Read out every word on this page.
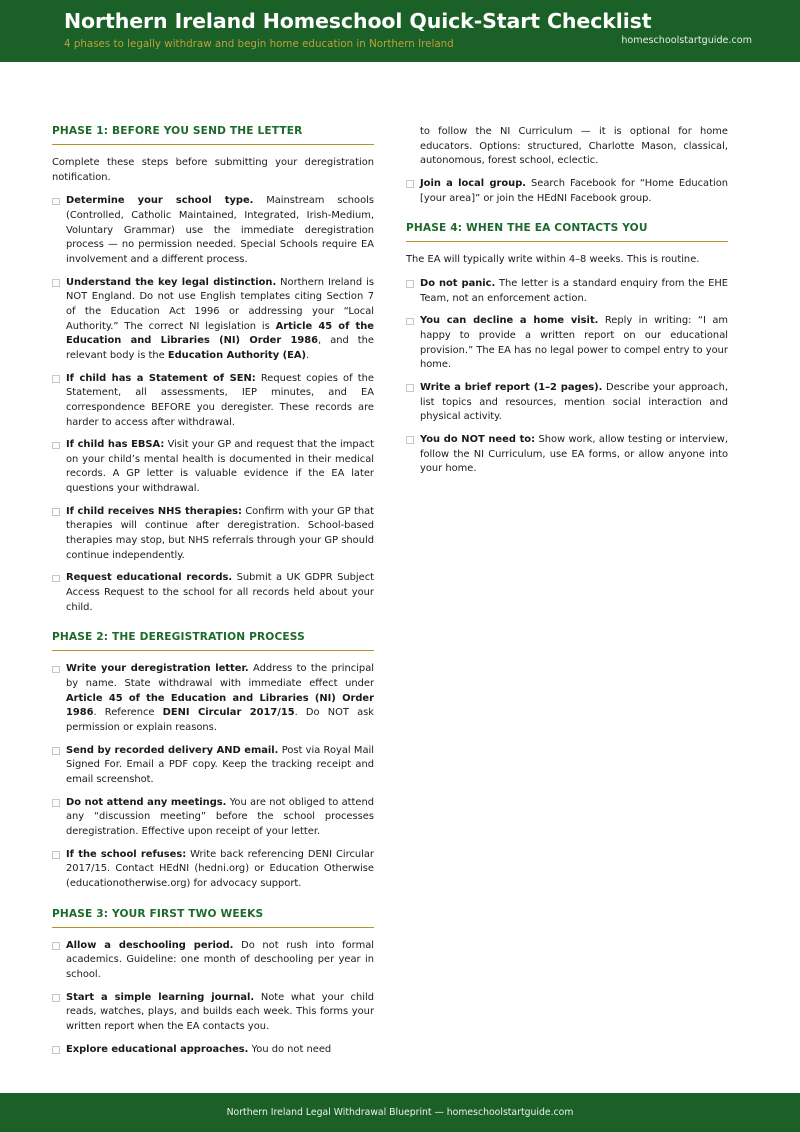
Northern Ireland Homeschool Quick-Start Checklist
4 phases to legally withdraw and begin home education in Northern Ireland	homeschoolstartguide.com
PHASE 1: BEFORE YOU SEND THE LETTER

Complete these steps before submitting your deregistration notification.

Determine your school type. Mainstream schools (Controlled, Catholic Maintained, Integrated, Irish-Medium, Voluntary Grammar) use the immediate deregistration process — no permission needed. Special Schools require EA involvement and a different process.
Understand the key legal distinction. Northern Ireland is NOT England. Do not use English templates citing Section 7 of the Education Act 1996 or addressing your “Local Authority.” The correct NI legislation is Article 45 of the Education and Libraries (NI) Order 1986, and the relevant body is the Education Authority (EA).
If child has a Statement of SEN: Request copies of the Statement, all assessments, IEP minutes, and EA correspondence BEFORE you deregister. These records are harder to access after withdrawal.
If child has EBSA: Visit your GP and request that the impact on your child’s mental health is documented in their medical records. A GP letter is valuable evidence if the EA later questions your withdrawal.
If child receives NHS therapies: Confirm with your GP that therapies will continue after deregistration. School-based therapies may stop, but NHS referrals through your GP should continue independently.
Request educational records. Submit a UK GDPR Subject Access Request to the school for all records held about your child.
PHASE 2: THE DEREGISTRATION PROCESS
Write your deregistration letter. Address to the principal by name. State withdrawal with immediate effect under Article 45 of the Education and Libraries (NI) Order 1986. Reference DENI Circular 2017/15. Do NOT ask permission or explain reasons.
Send by recorded delivery AND email. Post via Royal Mail Signed For. Email a PDF copy. Keep the tracking receipt and email screenshot.
Do not attend any meetings. You are not obliged to attend any “discussion meeting” before the school processes deregistration. Effective upon receipt of your letter.
If the school refuses: Write back referencing DENI Circular 2017/15. Contact HEdNI (hedni.org) or Education Otherwise (educationotherwise.org) for advocacy support.
PHASE 3: YOUR FIRST TWO WEEKS
Allow a deschooling period. Do not rush into formal academics. Guideline: one month of deschooling per year in school.
Start a simple learning journal. Note what your child reads, watches, plays, and builds each week. This forms your written report when the EA contacts you.
Explore educational approaches. You do not need

to follow the NI Curriculum — it is optional for home educators. Options: structured, Charlotte Mason, classical, autonomous, forest school, eclectic.

Join a local group. Search Facebook for “Home Education [your area]” or join the HEdNI Facebook group.
PHASE 4: WHEN THE EA CONTACTS YOU

The EA will typically write within 4–8 weeks. This is routine.

Do not panic. The letter is a standard enquiry from the EHE Team, not an enforcement action.
You can decline a home visit. Reply in writing: “I am happy to provide a written report on our educational provision.” The EA has no legal power to compel entry to your home.
Write a brief report (1–2 pages). Describe your approach, list topics and resources, mention social interaction and physical activity.
You do NOT need to: Show work, allow testing or interview, follow the NI Curriculum, use EA forms, or allow anyone into your home.
Northern Ireland Legal Withdrawal Blueprint — homeschoolstartguide.com
